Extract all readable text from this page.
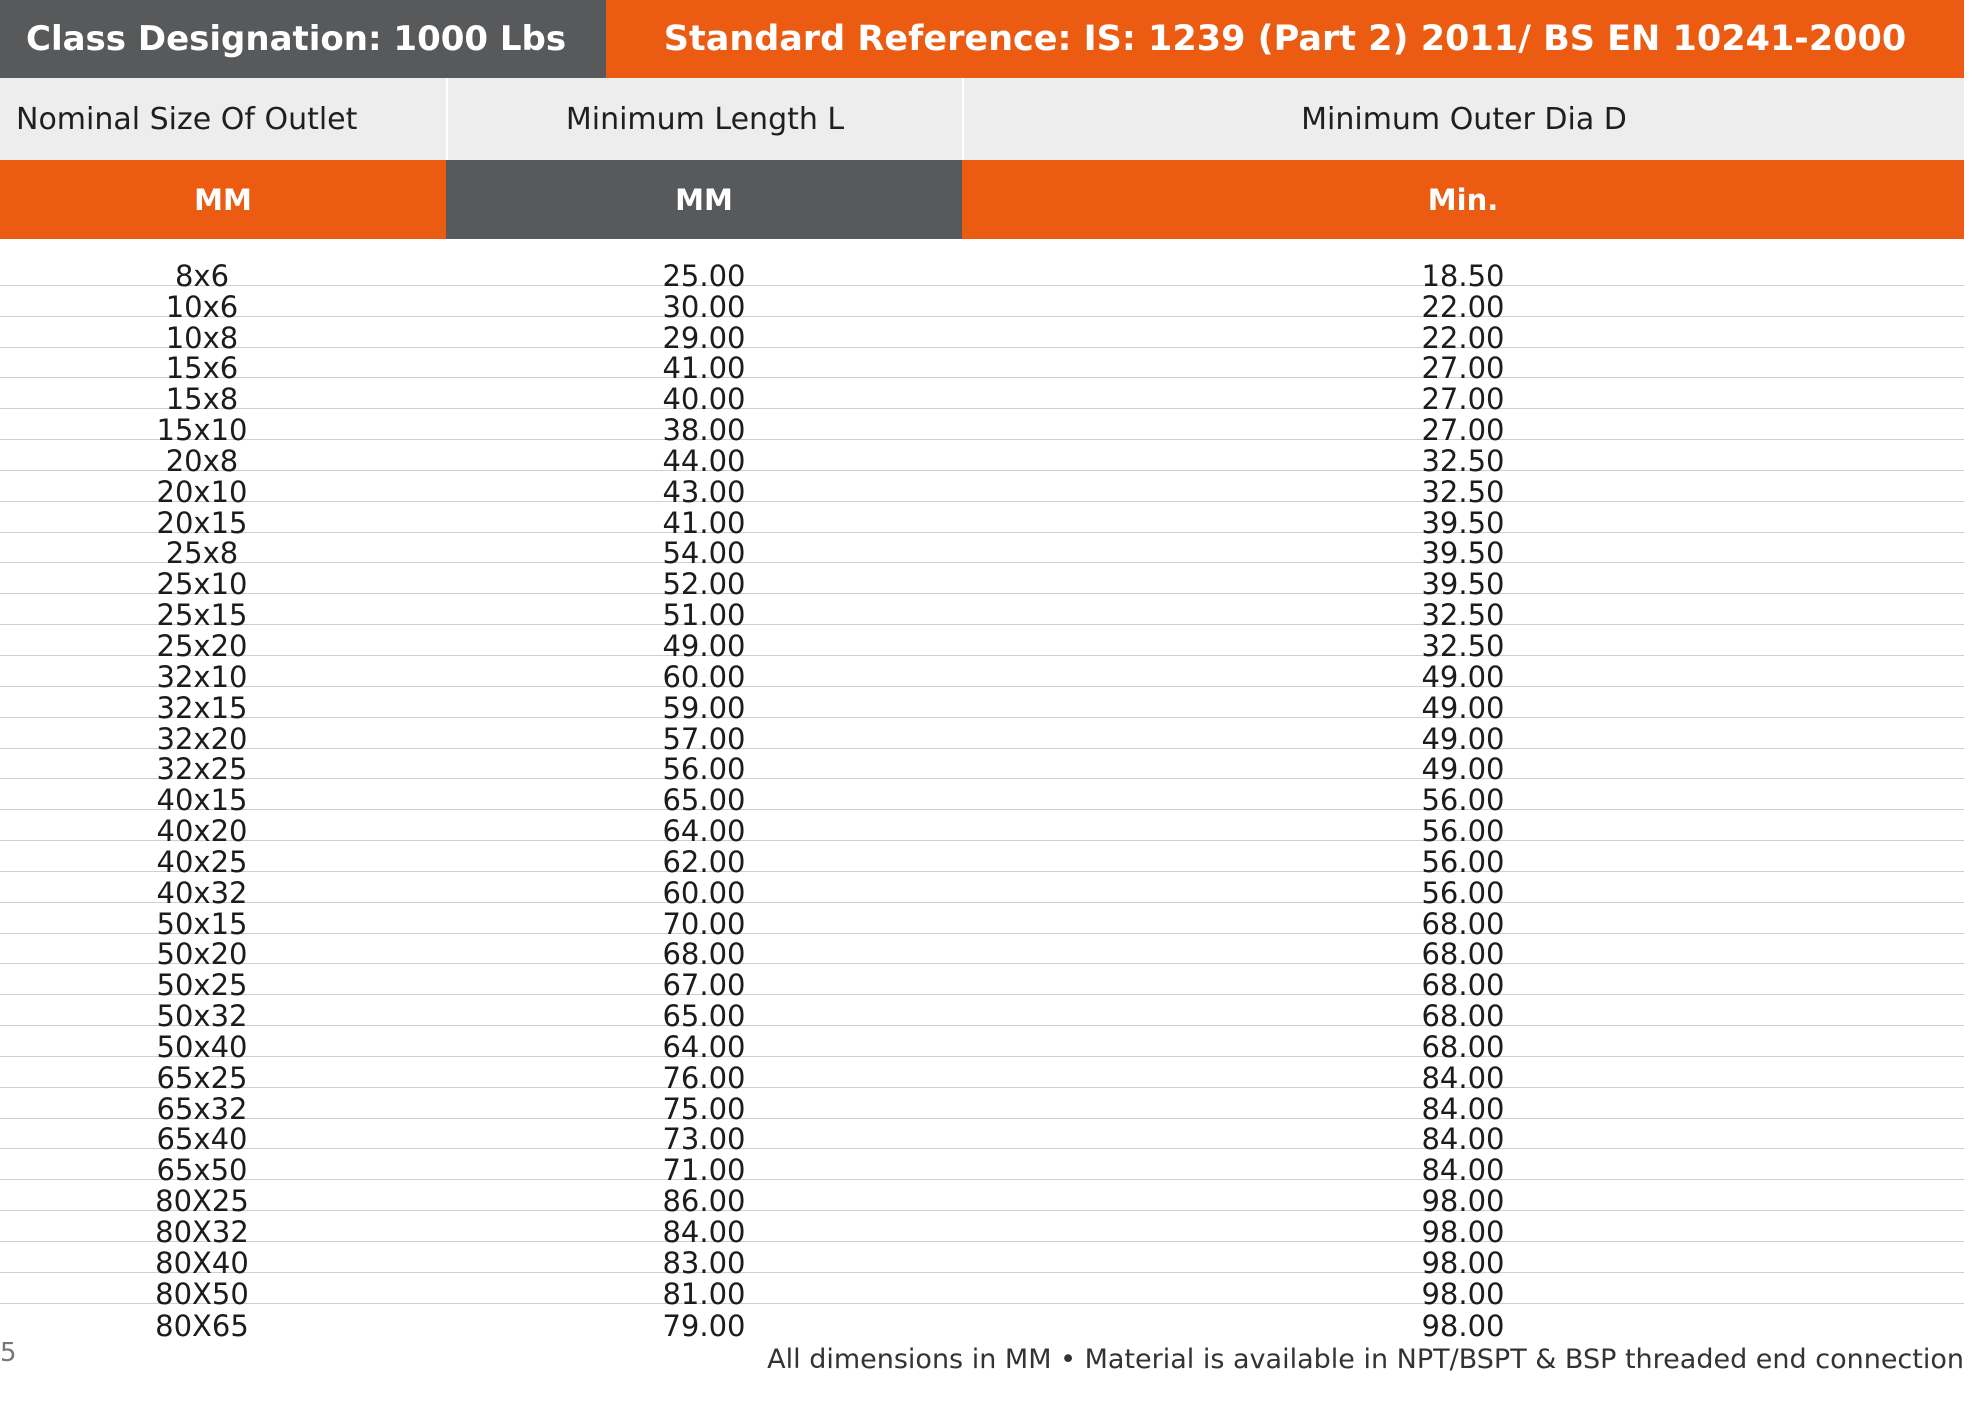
Class Designation: 1000 Lbs	Standard Reference: IS: 1239 (Part 2) 2011/ BS EN 10241-2000
Nominal Size Of Outlet	Minimum Length L	Minimum Outer Dia D
MM	MM	Min.
8x6	25.00	18.50
10x6	30.00	22.00
10x8	29.00	22.00
15x6	41.00	27.00
15x8	40.00	27.00
15x10	38.00	27.00
20x8	44.00	32.50
20x10	43.00	32.50
20x15	41.00	39.50
25x8	54.00	39.50
25x10	52.00	39.50
25x15	51.00	32.50
25x20	49.00	32.50
32x10	60.00	49.00
32x15	59.00	49.00
32x20	57.00	49.00
32x25	56.00	49.00
40x15	65.00	56.00
40x20	64.00	56.00
40x25	62.00	56.00
40x32	60.00	56.00
50x15	70.00	68.00
50x20	68.00	68.00
50x25	67.00	68.00
50x32	65.00	68.00
50x40	64.00	68.00
65x25	76.00	84.00
65x32	75.00	84.00
65x40	73.00	84.00
65x50	71.00	84.00
80X25	86.00	98.00
80X32	84.00	98.00
80X40	83.00	98.00
80X50	81.00	98.00
80X65	79.00	98.00
5	All dimensions in MM • Material is available in NPT/BSPT & BSP threaded end connection
